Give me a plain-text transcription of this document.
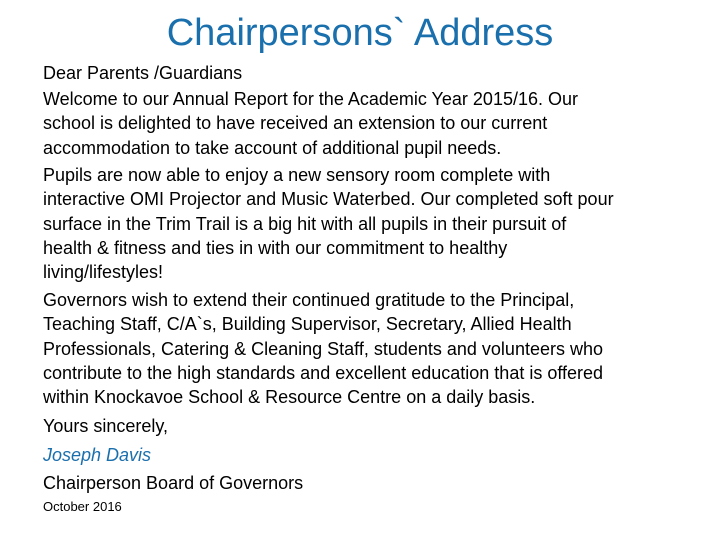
Chairpersons` Address
Dear Parents /Guardians
Welcome to our Annual Report for the Academic Year 2015/16. Our
school is delighted to have received an extension to our current
accommodation to take account of additional pupil needs.
Pupils are now able to enjoy a new sensory room complete with
interactive OMI Projector and Music Waterbed. Our completed soft pour
surface in the Trim Trail is a big hit with all pupils in their pursuit of
health & fitness and ties in with our commitment to healthy
living/lifestyles!
Governors wish to extend their continued gratitude to the Principal,
Teaching Staff, C/A`s, Building Supervisor, Secretary, Allied Health
Professionals, Catering & Cleaning Staff, students and volunteers who
contribute to the high standards and excellent education that is offered
within Knockavoe School & Resource Centre on a daily basis.
Yours sincerely,
Joseph Davis
Chairperson Board of Governors
October 2016
